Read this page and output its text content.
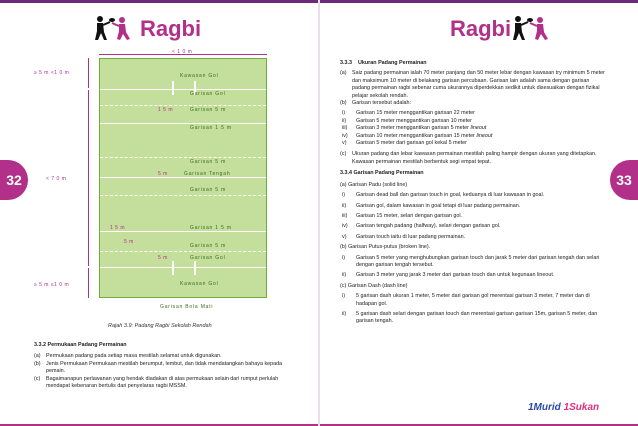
Ragbi	Ragbi
32	33
< 1 0 m
≥ 5 m <1 0 m
< 7 0 m
≥ 5 m ≤1 0 m
Kawasan Gol
Garisan Gol
Garisan 5 m
1 5 m
Garisan 1 5 m
Garisan 5 m
5 m	Garisan Tengah
Garisan 5 m
1 5 m	Garisan 1 5 m
5 m
Garisan 5 m
5 m	Garisan Gol
Kawasan Gol
Garisan Bola Mati
Rajah 3.9: Padang Ragbi Sekolah Rendah
3.3.2 Permukaan Padang Permainan
(a) Permukaan padang pada setiap masa mestilah selamat untuk digunakan.
(b) Jenis Permukaan Permukaan mestilah berumput, lembut, dan tidak mendatangkan bahaya kepada pemain.
(c) Bagaimanapun perlawanan yang hendak diadakan di atas permukaan selain dari rumput perlulah mendapat kebenaran bertulis dari penyelaras ragbi MSSM.
3.3.3 Ukuran Padang Permainan
(a) Saiz padang permainan ialah 70 meter panjang dan 50 meter lebar dengan kawasan try minimum 5 meter dan maksimum 10 meter di belakang garisan percubaan. Garisan lain adalah sama dengan garisan padang permainan ragbi sebenar cuma ukurannya diperdekkan sedikit untuk disesuaikan dengan fizikal pelajar sekolah rendah.
(b) Garisan tersebut adalah:
i) Garisan 15 meter menggantikan garisan 22 meter
ii) Garisan 5 meter menggantikan garisan 10 meter
iii) Garisan 3 meter menggantikan garisan 5 meter lineout
iv) Garisan 10 meter menggantikan garisan 15 meter lineout
v) Garisan 5 meter dari garisan gol kekal 5 meter
(c) Ukuran padang dan lebar kawasan permainan mestilah paling hampir dengan ukuran yang ditetapkan. Kawasan permainan mestilah berbentuk segi empat tepat.
3.3.4 Garisan Padang Permainan
(a) Garisan Padu (solid line)
i) Garisan dead ball dan garisan touch in goal, keduanya di luar kawasan in goal.
ii) Garisan gol, dalam kawasan in goal tetapi di luar padang permainan.
iii) Garisan 15 meter, selari dengan garisan gol.
iv) Garisan tengah padang (halfway), selari dengan garisan gol.
v) Garisan touch iaitu di luar padang permainan.
(b) Garisan Putus-putus (broken line).
i) Garisan 5 meter yang menghubungkan garisan touch dan jarak 5 meter dari garisan tengah dan selari dengan garisan tengah tersebut.
ii) Garisan 3 meter yang jarak 3 meter dari garisan touch dan untuk kegunaan lineout.
(c) Garisan Dash (dash line)
i) 5 garisan dash ukuran 1 meter, 5 meter dari garisan gol merentasi garisan 3 meter, 7 meter dan di hadapan gol.
ii) 5 garisan dash selari dengan garisan touch dan merentasi garisan garisan 15m, garisan 5 meter, dan garisan tengah.
1Murid 1Sukan
